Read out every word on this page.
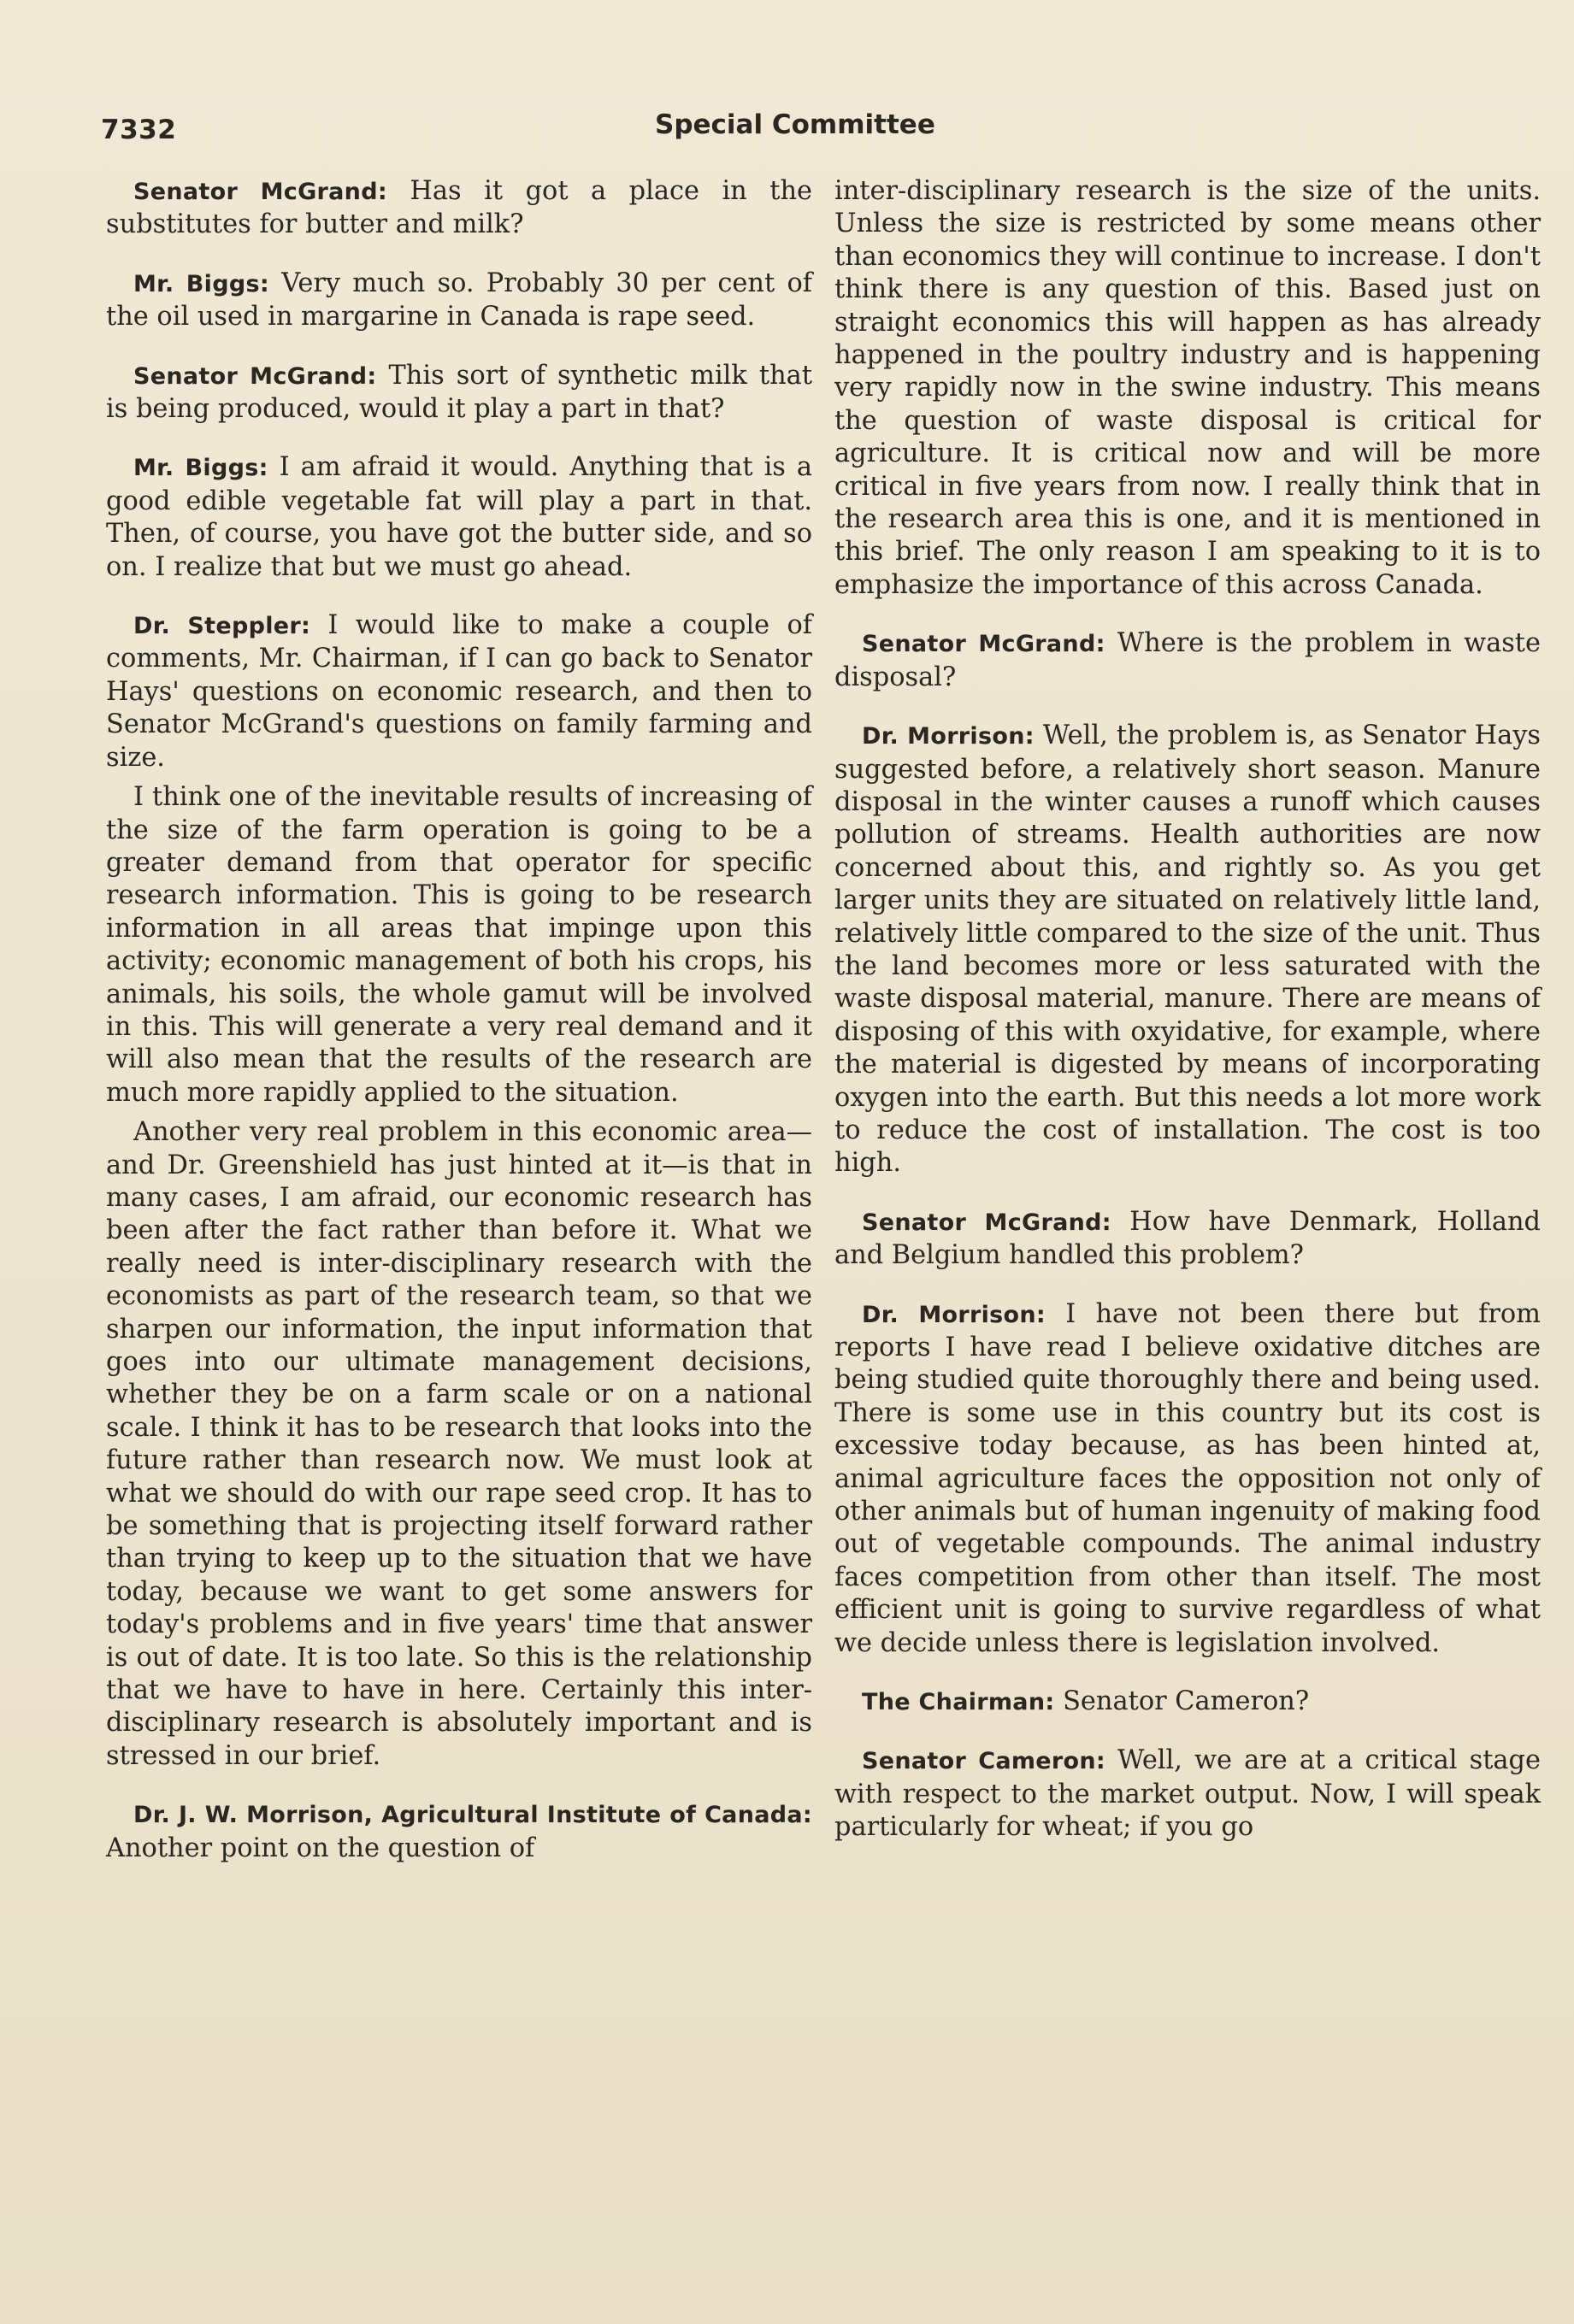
7332	Special Committee

Senator McGrand: Has it got a place in the substitutes for butter and milk?

Mr. Biggs: Very much so. Probably 30 per cent of the oil used in margarine in Canada is rape seed.

Senator McGrand: This sort of synthetic milk that is being produced, would it play a part in that?

Mr. Biggs: I am afraid it would. Anything that is a good edible vegetable fat will play a part in that. Then, of course, you have got the butter side, and so on. I realize that but we must go ahead.

Dr. Steppler: I would like to make a couple of comments, Mr. Chairman, if I can go back to Senator Hays' questions on economic research, and then to Senator McGrand's questions on family farming and size.

I think one of the inevitable results of increasing of the size of the farm operation is going to be a greater demand from that operator for specific research information. This is going to be research information in all areas that impinge upon this activity; economic management of both his crops, his animals, his soils, the whole gamut will be involved in this. This will generate a very real demand and it will also mean that the results of the research are much more rapidly applied to the situation.

Another very real problem in this economic area—and Dr. Greenshield has just hinted at it—is that in many cases, I am afraid, our economic research has been after the fact rather than before it. What we really need is inter-disciplinary research with the economists as part of the research team, so that we sharpen our information, the input information that goes into our ultimate management decisions, whether they be on a farm scale or on a national scale. I think it has to be research that looks into the future rather than research now. We must look at what we should do with our rape seed crop. It has to be something that is projecting itself forward rather than trying to keep up to the situation that we have today, because we want to get some answers for today's problems and in five years' time that answer is out of date. It is too late. So this is the relationship that we have to have in here. Certainly this inter-disciplinary research is absolutely important and is stressed in our brief.

Dr. J. W. Morrison, Agricultural Institute of Canada: Another point on the question of

inter-disciplinary research is the size of the units. Unless the size is restricted by some means other than economics they will continue to increase. I don't think there is any question of this. Based just on straight economics this will happen as has already happened in the poultry industry and is happening very rapidly now in the swine industry. This means the question of waste disposal is critical for agriculture. It is critical now and will be more critical in five years from now. I really think that in the research area this is one, and it is mentioned in this brief. The only reason I am speaking to it is to emphasize the importance of this across Canada.

Senator McGrand: Where is the problem in waste disposal?

Dr. Morrison: Well, the problem is, as Senator Hays suggested before, a relatively short season. Manure disposal in the winter causes a runoff which causes pollution of streams. Health authorities are now concerned about this, and rightly so. As you get larger units they are situated on relatively little land, relatively little compared to the size of the unit. Thus the land becomes more or less saturated with the waste disposal material, manure. There are means of disposing of this with oxyidative, for example, where the material is digested by means of incorporating oxygen into the earth. But this needs a lot more work to reduce the cost of installation. The cost is too high.

Senator McGrand: How have Denmark, Holland and Belgium handled this problem?

Dr. Morrison: I have not been there but from reports I have read I believe oxidative ditches are being studied quite thoroughly there and being used. There is some use in this country but its cost is excessive today because, as has been hinted at, animal agriculture faces the opposition not only of other animals but of human ingenuity of making food out of vegetable compounds. The animal industry faces competition from other than itself. The most efficient unit is going to survive regardless of what we decide unless there is legislation involved.

The Chairman: Senator Cameron?

Senator Cameron: Well, we are at a critical stage with respect to the market output. Now, I will speak particularly for wheat; if you go
